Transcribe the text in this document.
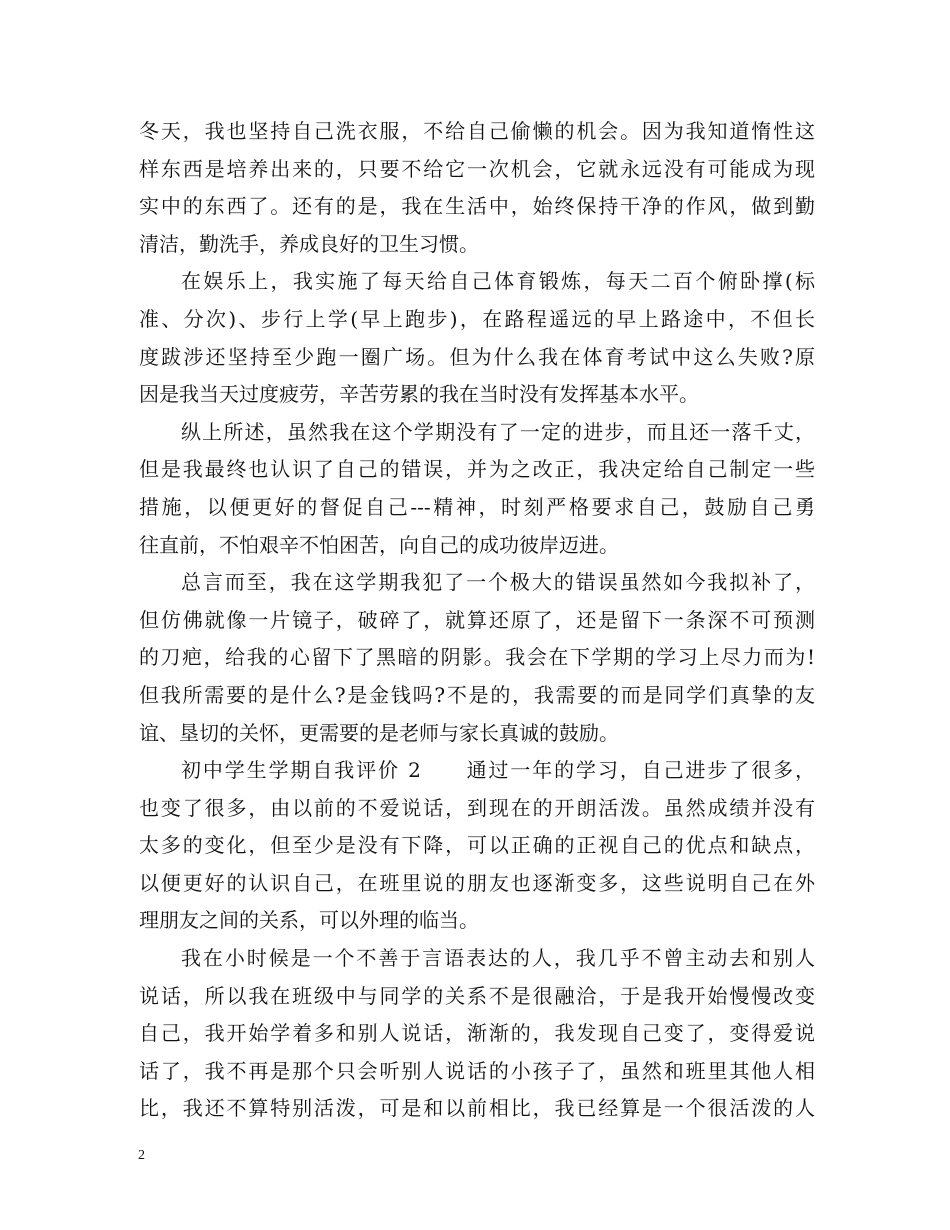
冬天，我也坚持自己洗衣服，不给自己偷懒的机会。因为我知道惰性这
样东西是培养出来的，只要不给它一次机会，它就永远没有可能成为现
实中的东西了。还有的是，我在生活中，始终保持干净的作风，做到勤
清洁，勤洗手，养成良好的卫生习惯。
在娱乐上，我实施了每天给自己体育锻炼，每天二百个俯卧撑(标
准、分次)、步行上学(早上跑步)，在路程遥远的早上路途中，不但长
度跋涉还坚持至少跑一圈广场。但为什么我在体育考试中这么失败?原
因是我当天过度疲劳，辛苦劳累的我在当时没有发挥基本水平。
纵上所述，虽然我在这个学期没有了一定的进步，而且还一落千丈，
但是我最终也认识了自己的错误，并为之改正，我决定给自己制定一些
措施，以便更好的督促自己---精神，时刻严格要求自己，鼓励自己勇
往直前，不怕艰辛不怕困苦，向自己的成功彼岸迈进。
总言而至，我在这学期我犯了一个极大的错误虽然如今我拟补了，
但仿佛就像一片镜子，破碎了，就算还原了，还是留下一条深不可预测
的刀疤，给我的心留下了黑暗的阴影。我会在下学期的学习上尽力而为!
但我所需要的是什么?是金钱吗?不是的，我需要的而是同学们真挚的友
谊、垦切的关怀，更需要的是老师与家长真诚的鼓励。
初中学生学期自我评价 2　　通过一年的学习，自己进步了很多，
也变了很多，由以前的不爱说话，到现在的开朗活泼。虽然成绩并没有
太多的变化，但至少是没有下降，可以正确的正视自己的优点和缺点，
以便更好的认识自己，在班里说的朋友也逐渐变多，这些说明自己在外
理朋友之间的关系，可以外理的临当。
我在小时候是一个不善于言语表达的人，我几乎不曾主动去和别人
说话，所以我在班级中与同学的关系不是很融洽，于是我开始慢慢改变
自己，我开始学着多和别人说话，渐渐的，我发现自己变了，变得爱说
话了，我不再是那个只会听别人说话的小孩子了，虽然和班里其他人相
比，我还不算特别活泼，可是和以前相比，我已经算是一个很活泼的人
2
